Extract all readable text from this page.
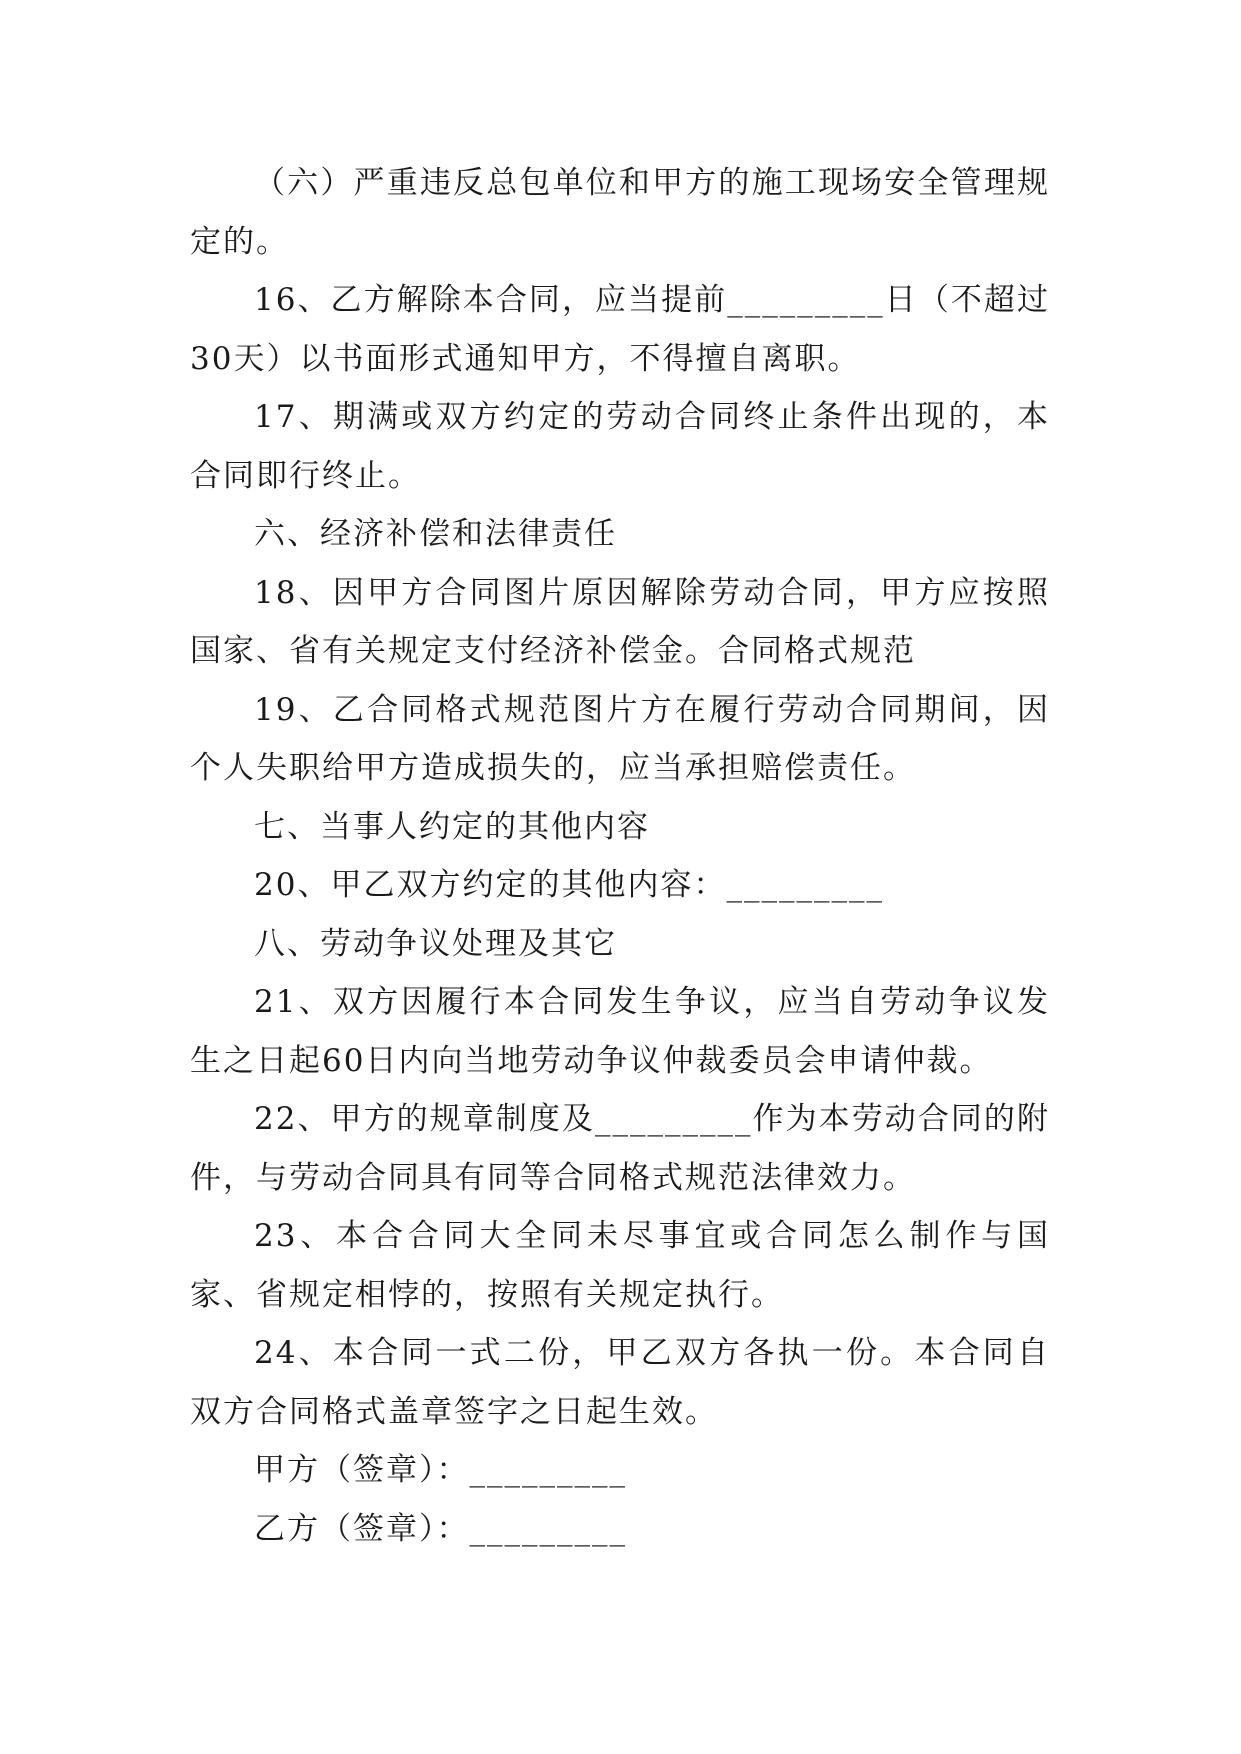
（六）严重违反总包单位和甲方的施工现场安全管理规定的。

16、乙方解除本合同，应当提前_________日（不超过30天）以书面形式通知甲方，不得擅自离职。

17、期满或双方约定的劳动合同终止条件出现的，本合同即行终止。

六、经济补偿和法律责任

18、因甲方合同图片原因解除劳动合同，甲方应按照国家、省有关规定支付经济补偿金。合同格式规范

19、乙合同格式规范图片方在履行劳动合同期间，因个人失职给甲方造成损失的，应当承担赔偿责任。

七、当事人约定的其他内容

20、甲乙双方约定的其他内容：_________

八、劳动争议处理及其它

21、双方因履行本合同发生争议，应当自劳动争议发生之日起60日内向当地劳动争议仲裁委员会申请仲裁。

22、甲方的规章制度及_________作为本劳动合同的附件，与劳动合同具有同等合同格式规范法律效力。

23、本合合同大全同未尽事宜或合同怎么制作与国家、省规定相悖的，按照有关规定执行。

24、本合同一式二份，甲乙双方各执一份。本合同自双方合同格式盖章签字之日起生效。

甲方（签章）：_________

乙方（签章）：_________
